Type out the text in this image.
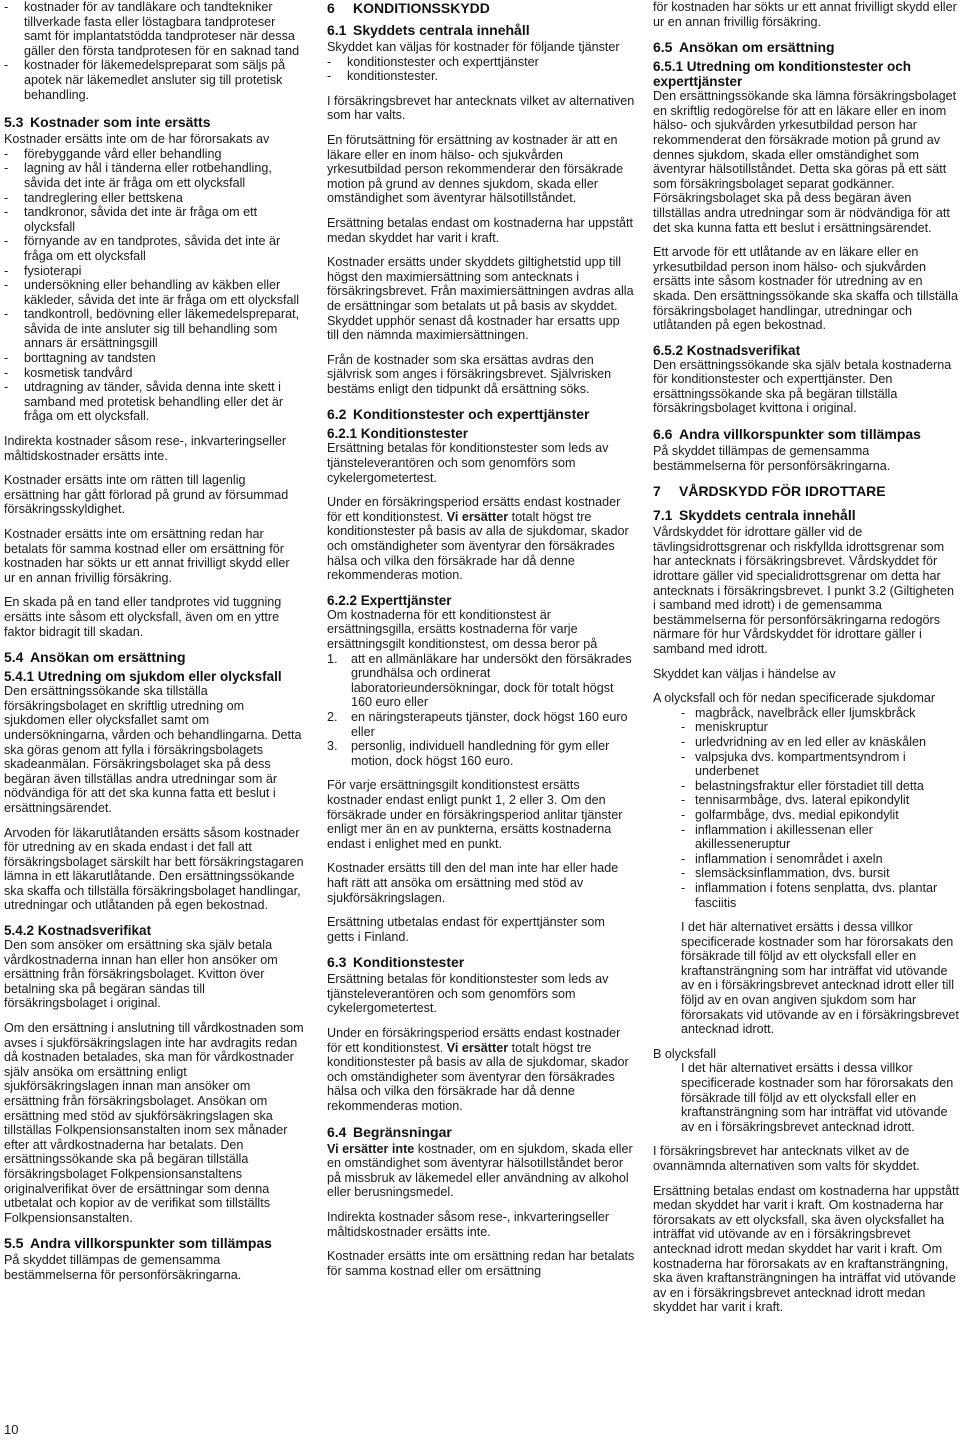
- kostnader för av tandläkare och tandtekniker tillverkade fasta eller löstagbara tandproteser samt för implantatstödda tandproteser när dessa gäller den första tandprotesen för en saknad tand
- kostnader för läkemedelspreparat som säljs på apotek när läkemedlet ansluter sig till protetisk behandling.
5.3 Kostnader som inte ersätts

Kostnader ersätts inte om de har förorsakats av

- förebyggande vård eller behandling
- lagning av hål i tänderna eller rotbehandling, såvida det inte är fråga om ett olycksfall
- tandreglering eller bettskena
- tandkronor, såvida det inte är fråga om ett olycksfall
- förnyande av en tandprotes, såvida det inte är fråga om ett olycksfall
- fysioterapi
- undersökning eller behandling av käkben eller käkleder, såvida det inte är fråga om ett olycksfall
- tandkontroll, bedövning eller läkemedelspreparat, såvida de inte ansluter sig till behandling som annars är ersättningsgill
- borttagning av tandsten
- kosmetisk tandvård
- utdragning av tänder, såvida denna inte skett i samband med protetisk behandling eller det är fråga om ett olycksfall.

Indirekta kostnader såsom rese-, inkvarteringseller måltidskostnader ersätts inte.

Kostnader ersätts inte om rätten till lagenlig ersättning har gått förlorad på grund av försummad försäkringsskyldighet.

Kostnader ersätts inte om ersättning redan har betalats för samma kostnad eller om ersättning för kostnaden har sökts ur ett annat frivilligt skydd eller ur en annan frivillig försäkring.

En skada på en tand eller tandprotes vid tuggning ersätts inte såsom ett olycksfall, även om en yttre faktor bidragit till skadan.

5.4 Ansökan om ersättning
5.4.1 Utredning om sjukdom eller olycksfall

Den ersättningssökande ska tillställa försäkringsbolaget en skriftlig utredning om sjukdomen eller olycksfallet samt om undersökningarna, vården och behandlingarna. Detta ska göras genom att fylla i försäkringsbolagets skadeanmälan. Försäkringsbolaget ska på dess begäran även tillställas andra utredningar som är nödvändiga för att det ska kunna fatta ett beslut i ersättningsärendet.

Arvoden för läkarutlåtanden ersätts såsom kostnader för utredning av en skada endast i det fall att försäkringsbolaget särskilt har bett försäkringstagaren lämna in ett läkarutlåtande. Den ersättningssökande ska skaffa och tillställa försäkringsbolaget handlingar, utredningar och utlåtanden på egen bekostnad.

5.4.2 Kostnadsverifikat

Den som ansöker om ersättning ska själv betala vårdkostnaderna innan han eller hon ansöker om ersättning från försäkringsbolaget. Kvitton över betalning ska på begäran sändas till försäkringsbolaget i original.

Om den ersättning i anslutning till vårdkostnaden som avses i sjukförsäkringslagen inte har avdragits redan då kostnaden betalades, ska man för vårdkostnader själv ansöka om ersättning enligt sjukförsäkringslagen innan man ansöker om ersättning från försäkringsbolaget. Ansökan om ersättning med stöd av sjukförsäkringslagen ska tillställas Folkpensionsanstalten inom sex månader efter att vårdkostnaderna har betalats. Den ersättningssökande ska på begäran tillställa försäkringsbolaget Folkpensionsanstaltens originalverifikat över de ersättningar som denna utbetalat och kopior av de verifikat som tillställts Folkpensionsanstalten.

5.5 Andra villkorspunkter som tillämpas

På skyddet tillämpas de gemensamma bestämmelserna för personförsäkringarna.

6 KONDITIONSSKYDD
6.1 Skyddets centrala innehåll

Skyddet kan väljas för kostnader för följande tjänster

- konditionstester och experttjänster
- konditionstester.

I försäkringsbrevet har antecknats vilket av alternativen som har valts.

En förutsättning för ersättning av kostnader är att en läkare eller en inom hälso- och sjukvården yrkesutbildad person rekommenderar den försäkrade motion på grund av dennes sjukdom, skada eller omständighet som äventyrar hälsotillståndet.

Ersättning betalas endast om kostnaderna har uppstått medan skyddet har varit i kraft.

Kostnader ersätts under skyddets giltighetstid upp till högst den maximiersättning som antecknats i försäkringsbrevet. Från maximiersättningen avdras alla de ersättningar som betalats ut på basis av skyddet. Skyddet upphör senast då kostnader har ersatts upp till den nämnda maximiersättningen.

Från de kostnader som ska ersättas avdras den självrisk som anges i försäkringsbrevet. Självrisken bestäms enligt den tidpunkt då ersättning söks.

6.2 Konditionstester och experttjänster
6.2.1 Konditionstester

Ersättning betalas för konditionstester som leds av tjänsteleverantören och som genomförs som cykelergometertest.

Under en försäkringsperiod ersätts endast kostnader för ett konditionstest. Vi ersätter totalt högst tre konditionstester på basis av alla de sjukdomar, skador och omständigheter som äventyrar den försäkrades hälsa och vilka den försäkrade har då denne rekommenderas motion.

6.2.2 Experttjänster

Om kostnaderna för ett konditionstest är ersättningsgilla, ersätts kostnaderna för varje ersättningsgilt konditionstest, om dessa beror på

1. att en allmänläkare har undersökt den försäkrades grundhälsa och ordinerat laboratorieundersökningar, dock för totalt högst 160 euro eller
2. en näringsterapeuts tjänster, dock högst 160 euro eller
3. personlig, individuell handledning för gym eller motion, dock högst 160 euro.

För varje ersättningsgilt konditionstest ersätts kostnader endast enligt punkt 1, 2 eller 3. Om den försäkrade under en försäkringsperiod anlitar tjänster enligt mer än en av punkterna, ersätts kostnaderna endast i enlighet med en punkt.

Kostnader ersätts till den del man inte har eller hade haft rätt att ansöka om ersättning med stöd av sjukförsäkringslagen.

Ersättning utbetalas endast för experttjänster som getts i Finland.

6.3 Konditionstester

Ersättning betalas för konditionstester som leds av tjänsteleverantören och som genomförs som cykelergometertest.

Under en försäkringsperiod ersätts endast kostnader för ett konditionstest. Vi ersätter totalt högst tre konditionstester på basis av alla de sjukdomar, skador och omständigheter som äventyrar den försäkrades hälsa och vilka den försäkrade har då denne rekommenderas motion.

6.4 Begränsningar

Vi ersätter inte kostnader, om en sjukdom, skada eller en omständighet som äventyrar hälsotillståndet beror på missbruk av läkemedel eller användning av alkohol eller berusningsmedel.

Indirekta kostnader såsom rese-, inkvarteringseller måltidskostnader ersätts inte.

Kostnader ersätts inte om ersättning redan har betalats för samma kostnad eller om ersättning

för kostnaden har sökts ur ett annat frivilligt skydd eller ur en annan frivillig försäkring.

6.5 Ansökan om ersättning
6.5.1 Utredning om konditionstester och experttjänster

Den ersättningssökande ska lämna försäkringsbolaget en skriftlig redogörelse för att en läkare eller en inom hälso- och sjukvården yrkesutbildad person har rekommenderat den försäkrade motion på grund av dennes sjukdom, skada eller omständighet som äventyrar hälsotillståndet. Detta ska göras på ett sätt som försäkringsbolaget separat godkänner. Försäkringsbolaget ska på dess begäran även tillställas andra utredningar som är nödvändiga för att det ska kunna fatta ett beslut i ersättningsärendet.

Ett arvode för ett utlåtande av en läkare eller en yrkesutbildad person inom hälso- och sjukvården ersätts inte såsom kostnader för utredning av en skada. Den ersättningssökande ska skaffa och tillställa försäkringsbolaget handlingar, utredningar och utlåtanden på egen bekostnad.

6.5.2 Kostnadsverifikat

Den ersättningssökande ska själv betala kostnaderna för konditionstester och experttjänster. Den ersättningssökande ska på begäran tillställa försäkringsbolaget kvittona i original.

6.6 Andra villkorspunkter som tillämpas

På skyddet tillämpas de gemensamma bestämmelserna för personförsäkringarna.

7 VÅRDSKYDD FÖR IDROTTARE
7.1 Skyddets centrala innehåll

Vårdskyddet för idrottare gäller vid de tävlingsidrottsgrenar och riskfyllda idrottsgrenar som har antecknats i försäkringsbrevet. Vårdskyddet för idrottare gäller vid specialidrottsgrenar om detta har antecknats i försäkringsbrevet. I punkt 3.2 (Giltigheten i samband med idrott) i de gemensamma bestämmelserna för personförsäkringarna redogörs närmare för hur Vårdskyddet för idrottare gäller i samband med idrott.

Skyddet kan väljas i händelse av

A olycksfall och för nedan specificerade sjukdomar

- magbråck, navelbråck eller ljumskbråck
- meniskruptur
- urledvridning av en led eller av knäskålen
- valpsjuka dvs. kompartmentsyndrom i underbenet
- belastningsfraktur eller förstadiet till detta
- tennisarmbåge, dvs. lateral epikondylit
- golfarmbåge, dvs. medial epikondylit
- inflammation i akillessenan eller akillesseneruptur
- inflammation i senområdet i axeln
- slemsäcksinflammation, dvs. bursit
- inflammation i fotens senplatta, dvs. plantar fasciitis

I det här alternativet ersätts i dessa villkor specificerade kostnader som har förorsakats den försäkrade till följd av ett olycksfall eller en kraftansträngning som har inträffat vid utövande av en i försäkringsbrevet antecknad idrott eller till följd av en ovan angiven sjukdom som har förorsakats vid utövande av en i försäkringsbrevet antecknad idrott.

B olycksfall

I det här alternativet ersätts i dessa villkor specificerade kostnader som har förorsakats den försäkrade till följd av ett olycksfall eller en kraftansträngning som har inträffat vid utövande av en i försäkringsbrevet antecknad idrott.

I försäkringsbrevet har antecknats vilket av de ovannämnda alternativen som valts för skyddet.

Ersättning betalas endast om kostnaderna har uppstått medan skyddet har varit i kraft. Om kostnaderna har förorsakats av ett olycksfall, ska även olycksfallet ha inträffat vid utövande av en i försäkringsbrevet antecknad idrott medan skyddet har varit i kraft. Om kostnaderna har förorsakats av en kraftansträngning, ska även kraftansträngningen ha inträffat vid utövande av en i försäkringsbrevet antecknad idrott medan skyddet har varit i kraft.

10
